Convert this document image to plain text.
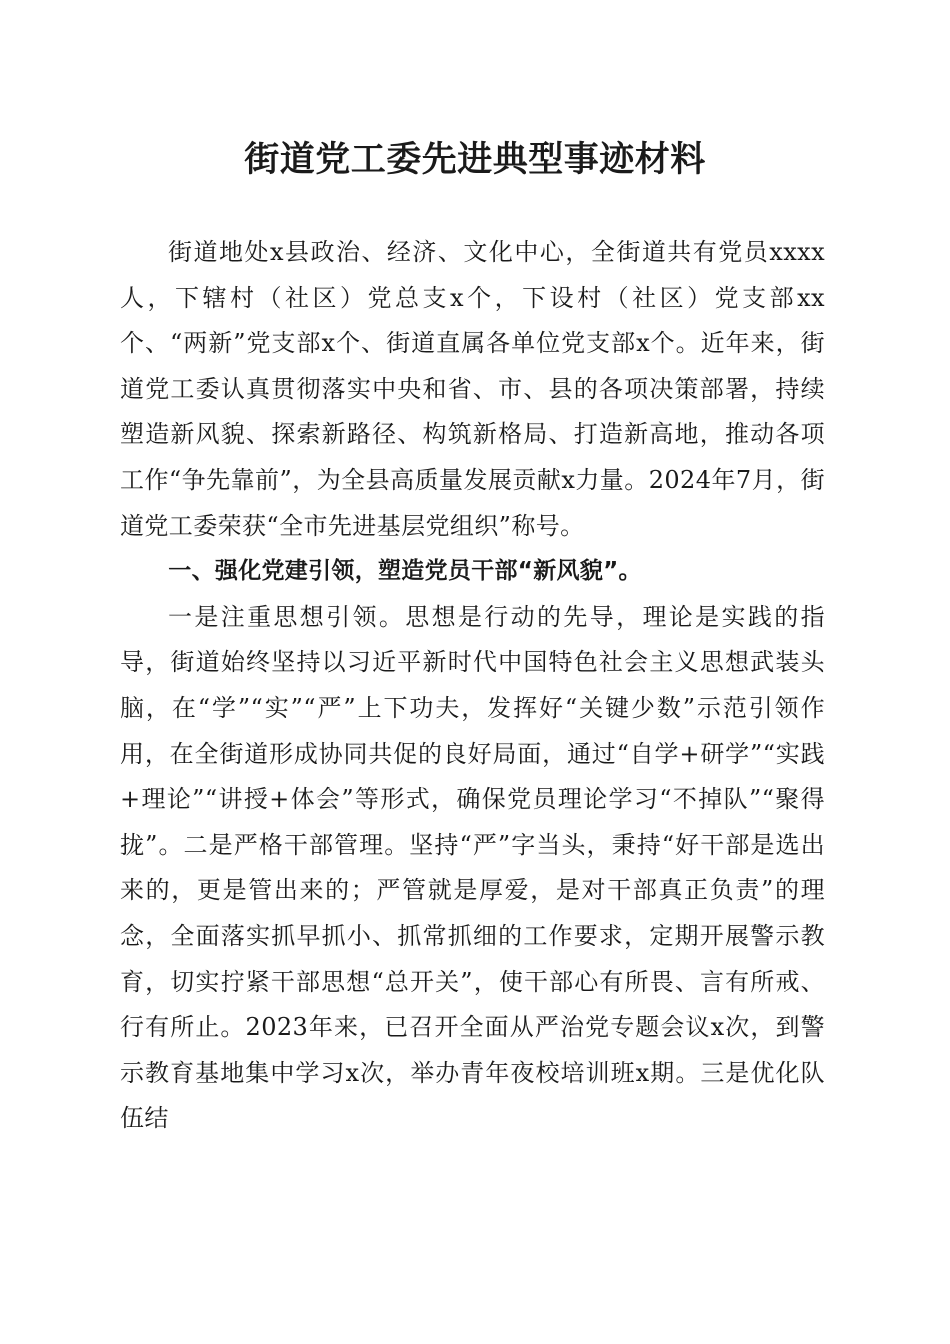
街道党工委先进典型事迹材料

街道地处x县政治、经济、文化中心，全街道共有党员xxxx人，下辖村（社区）党总支x个，下设村（社区）党支部xx个、“两新”党支部x个、街道直属各单位党支部x个。近年来，街道党工委认真贯彻落实中央和省、市、县的各项决策部署，持续塑造新风貌、探索新路径、构筑新格局、打造新高地，推动各项工作“争先靠前”，为全县高质量发展贡献x力量。2024年7月，街道党工委荣获“全市先进基层党组织”称号。

一、强化党建引领，塑造党员干部“新风貌”。

一是注重思想引领。思想是行动的先导，理论是实践的指导，街道始终坚持以习近平新时代中国特色社会主义思想武装头脑，在“学”“实”“严”上下功夫，发挥好“关键少数”示范引领作用，在全街道形成协同共促的良好局面，通过“自学+研学”“实践+理论”“讲授+体会”等形式，确保党员理论学习“不掉队”“聚得拢”。二是严格干部管理。坚持“严”字当头，秉持“好干部是选出来的，更是管出来的；严管就是厚爱，是对干部真正负责”的理念，全面落实抓早抓小、抓常抓细的工作要求，定期开展警示教育，切实拧紧干部思想“总开关”，使干部心有所畏、言有所戒、行有所止。2023年来，已召开全面从严治党专题会议x次，到警示教育基地集中学习x次，举办青年夜校培训班x期。三是优化队伍结
